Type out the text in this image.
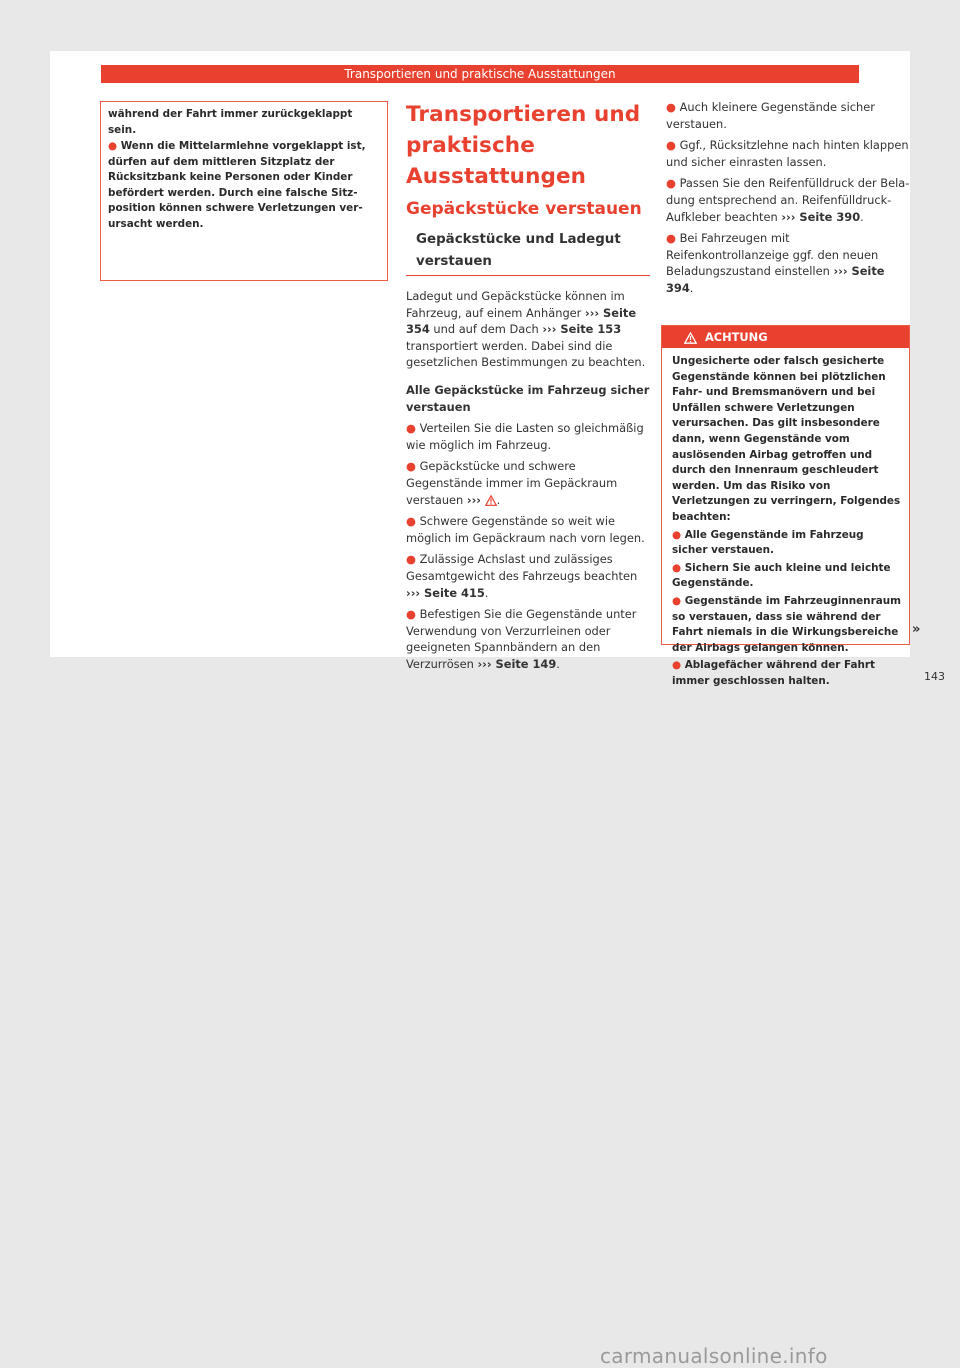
Transportieren und praktische Ausstattungen

während der Fahrt immer zurückgeklappt sein.

● Wenn die Mittelarmlehne vorgeklappt ist, dürfen auf dem mittleren Sitzplatz der Rücksitzbank keine Personen oder Kinder befördert werden. Durch eine falsche Sitzposition können schwere Verletzungen verursacht werden.

Transportieren und praktische Ausstattungen
Gepäckstücke verstauen
Gepäckstücke und Ladegut verstauen

Ladegut und Gepäckstücke können im Fahrzeug, auf einem Anhänger ››› Seite 354 und auf dem Dach ››› Seite 153 transportiert werden. Dabei sind die gesetzlichen Bestimmungen zu beachten.

Alle Gepäckstücke im Fahrzeug sicher verstauen

● Verteilen Sie die Lasten so gleichmäßig wie möglich im Fahrzeug.

● Gepäckstücke und schwere Gegenstände immer im Gepäckraum verstauen ››› .

● Schwere Gegenstände so weit wie möglich im Gepäckraum nach vorn legen.

● Zulässige Achslast und zulässiges Gesamtgewicht des Fahrzeugs beachten ››› Seite 415.

● Befestigen Sie die Gegenstände unter Verwendung von Verzurrleinen oder geeigneten Spannbändern an den Verzurrösen ››› Seite 149.

● Auch kleinere Gegenstände sicher verstauen.

● Ggf., Rücksitzlehne nach hinten klappen und sicher einrasten lassen.

● Passen Sie den Reifenfülldruck der Beladung entsprechend an. Reifenfülldruck-Aufkleber beachten ››› Seite 390.

● Bei Fahrzeugen mit Reifenkontrollanzeige ggf. den neuen Beladungszustand einstellen ››› Seite 394.

ACHTUNG

Ungesicherte oder falsch gesicherte Gegenstände können bei plötzlichen Fahr- und Bremsmanövern und bei Unfällen schwere Verletzungen verursachen. Das gilt insbesondere dann, wenn Gegenstände vom auslösenden Airbag getroffen und durch den Innenraum geschleudert werden. Um das Risiko von Verletzungen zu verringern, Folgendes beachten:

● Alle Gegenstände im Fahrzeug sicher verstauen.

● Sichern Sie auch kleine und leichte Gegenstände.

● Gegenstände im Fahrzeuginnenraum so verstauen, dass sie während der Fahrt niemals in die Wirkungsbereiche der Airbags gelangen können.

● Ablagefächer während der Fahrt immer geschlossen halten.

»
143
carmanualsonline.info
